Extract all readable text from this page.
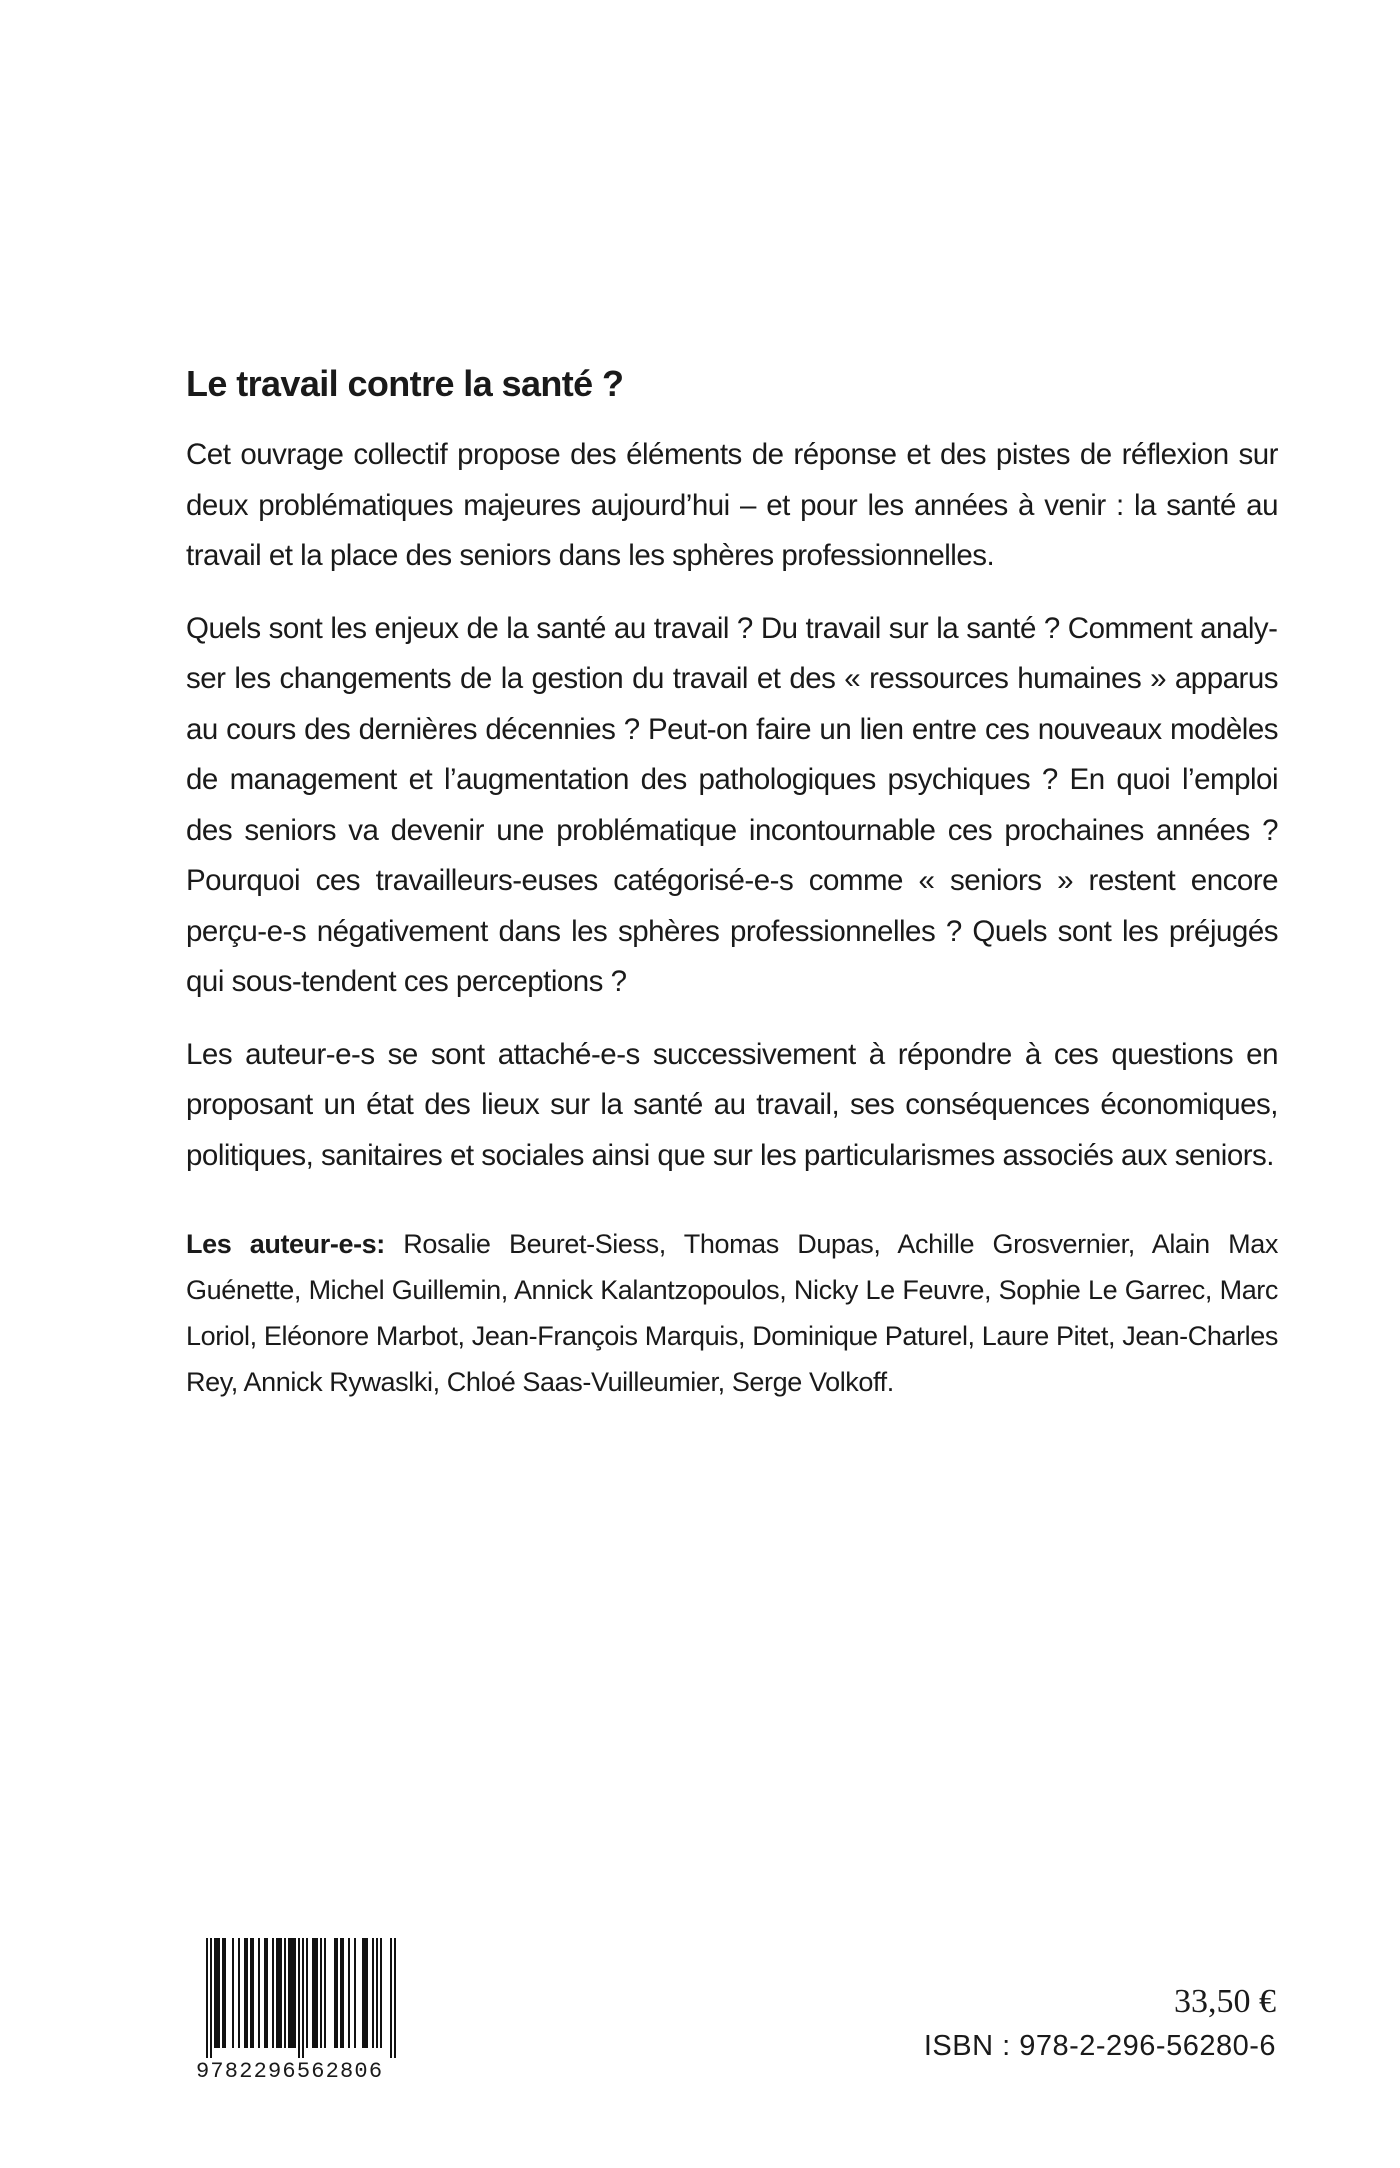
Le travail contre la santé ?

Cet ouvrage collectif propose des éléments de réponse et des pistes de réflexion sur deux problématiques majeures aujourd’hui – et pour les années à venir : la santé au travail et la place des seniors dans les sphères professionnelles.

Quels sont les enjeux de la santé au travail ? Du travail sur la santé ? Comment analyser les changements de la gestion du travail et des « ressources humaines » apparus au cours des dernières décennies ? Peut-on faire un lien entre ces nouveaux modèles de management et l’augmentation des pathologiques psychiques ? En quoi l’emploi des seniors va devenir une problématique incontournable ces prochaines années ? Pourquoi ces travailleurs-euses catégorisé-e-s comme « seniors » restent encore perçu-e-s négativement dans les sphères professionnelles ? Quels sont les préjugés qui sous-tendent ces perceptions ?

Les auteur-e-s se sont attaché-e-s successivement à répondre à ces questions en proposant un état des lieux sur la santé au travail, ses conséquences économiques, politiques, sanitaires et sociales ainsi que sur les particularismes associés aux seniors.

Les auteur-e-s: Rosalie Beuret-Siess, Thomas Dupas, Achille Grosvernier, Alain Max Guénette, Michel Guillemin, Annick Kalantzopoulos, Nicky Le Feuvre, Sophie Le Garrec, Marc Loriol, Eléonore Marbot, Jean-François Marquis, Dominique Paturel, Laure Pitet, Jean-Charles Rey, Annick Rywaslki, Chloé Saas-Vuilleumier, Serge Volkoff.

9782296562806
33,50 €
ISBN : 978-2-296-56280-6
